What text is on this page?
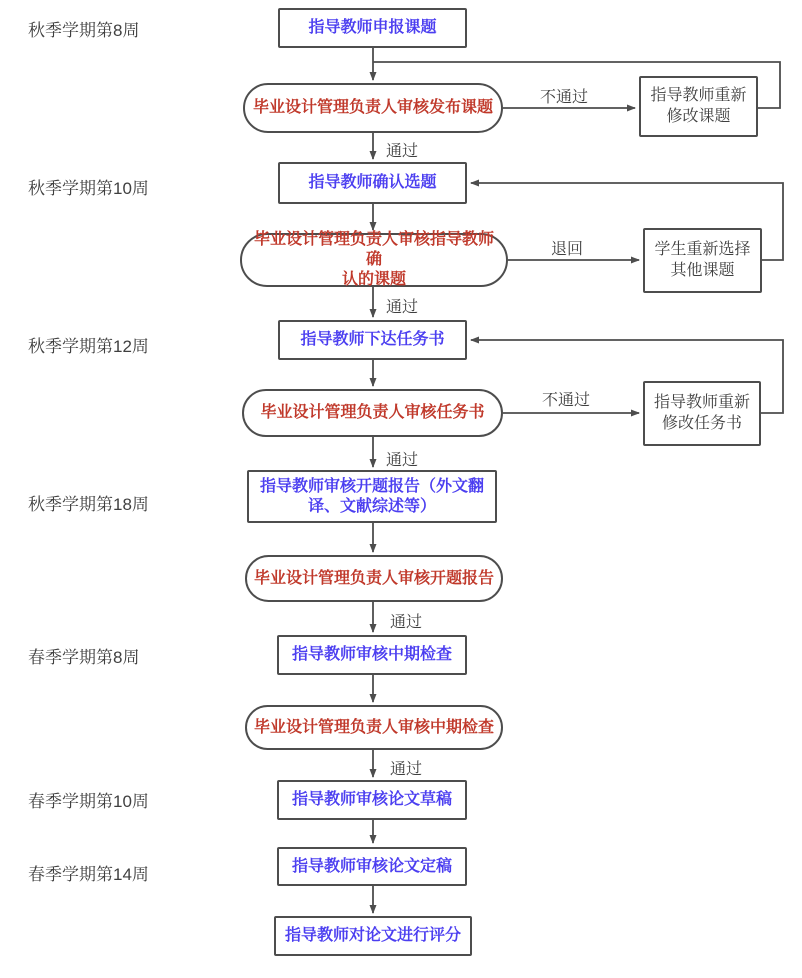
秋季学期第8周
秋季学期第10周
秋季学期第12周
秋季学期第18周
春季学期第8周
春季学期第10周
春季学期第14周
指导教师申报课题
毕业设计管理负责人审核发布课题
指导教师确认选题
毕业设计管理负责人审核指导教师确
认的课题
指导教师下达任务书
毕业设计管理负责人审核任务书
指导教师审核开题报告（外文翻
译、文献综述等）
毕业设计管理负责人审核开题报告
指导教师审核中期检查
毕业设计管理负责人审核中期检查
指导教师审核论文草稿
指导教师审核论文定稿
指导教师对论文进行评分
指导教师重新
修改课题
学生重新选择
其他课题
指导教师重新
修改任务书
通过
通过
通过
通过
通过
不通过
退回
不通过
